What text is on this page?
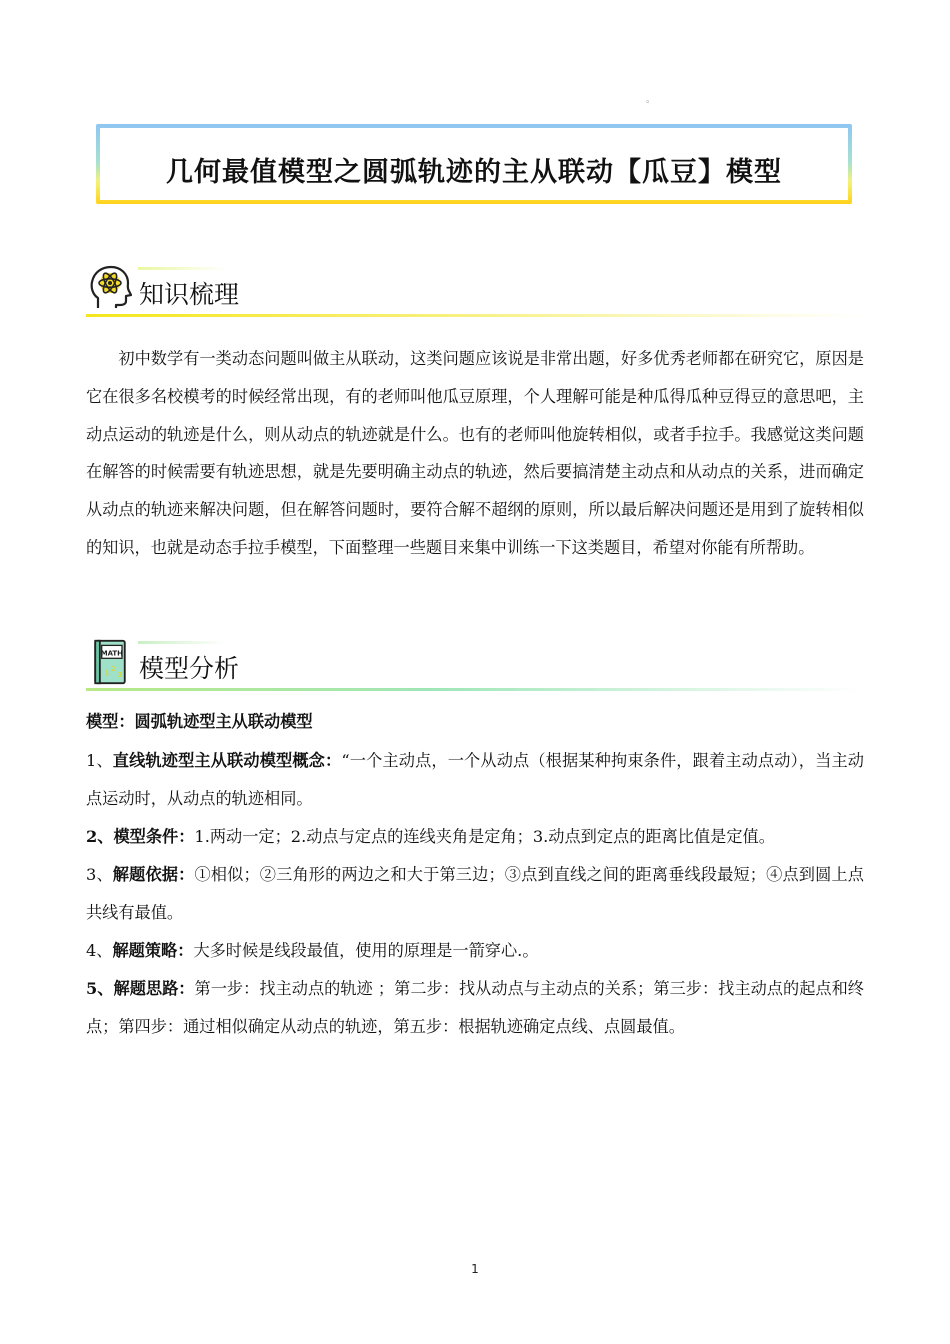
。
几何最值模型之圆弧轨迹的主从联动【瓜豆】模型
知识梳理

初中数学有一类动态问题叫做主从联动，这类问题应该说是非常出题，好多优秀老师都在研究它，原因是它在很多名校模考的时候经常出现，有的老师叫他瓜豆原理，个人理解可能是种瓜得瓜种豆得豆的意思吧，主动点运动的轨迹是什么，则从动点的轨迹就是什么。也有的老师叫他旋转相似，或者手拉手。我感觉这类问题在解答的时候需要有轨迹思想，就是先要明确主动点的轨迹，然后要搞清楚主动点和从动点的关系，进而确定从动点的轨迹来解决问题，但在解答问题时，要符合解不超纲的原则，所以最后解决问题还是用到了旋转相似的知识，也就是动态手拉手模型，下面整理一些题目来集中训练一下这类题目，希望对你能有所帮助。

MATH
1 2
3 模型分析

模型：圆弧轨迹型主从联动模型

1、直线轨迹型主从联动模型概念：“一个主动点，一个从动点（根据某种拘束条件，跟着主动点动），当主动点运动时，从动点的轨迹相同。

2、模型条件：1.两动一定；2.动点与定点的连线夹角是定角；3.动点到定点的距离比值是定值。

3、解题依据：①相似；②三角形的两边之和大于第三边；③点到直线之间的距离垂线段最短；④点到圆上点共线有最值。

4、解题策略：大多时候是线段最值，使用的原理是一箭穿心.。

5、解题思路：第一步：找主动点的轨迹 ；第二步：找从动点与主动点的关系；第三步：找主动点的起点和终点；第四步：通过相似确定从动点的轨迹，第五步：根据轨迹确定点线、点圆最值。

1
